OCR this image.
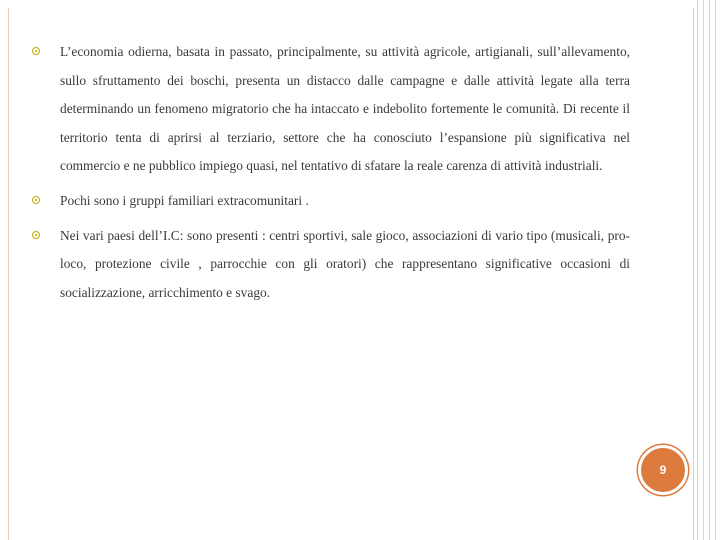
L’economia odierna, basata in passato, principalmente, su attività agricole, artigianali, sull’allevamento, sullo sfruttamento dei boschi, presenta un distacco dalle campagne e dalle attività legate alla terra determinando un fenomeno migratorio che ha intaccato e indebolito fortemente le comunità. Di recente il territorio tenta di aprirsi al terziario, settore che ha conosciuto l’espansione più significativa nel commercio e ne pubblico impiego quasi, nel tentativo di sfatare la reale carenza di attività industriali.
Pochi sono i gruppi familiari extracomunitari .
Nei vari paesi dell’I.C: sono presenti : centri sportivi, sale gioco, associazioni di vario tipo (musicali, pro-loco, protezione civile , parrocchie con gli oratori) che rappresentano significative occasioni di socializzazione, arricchimento e svago.
9
